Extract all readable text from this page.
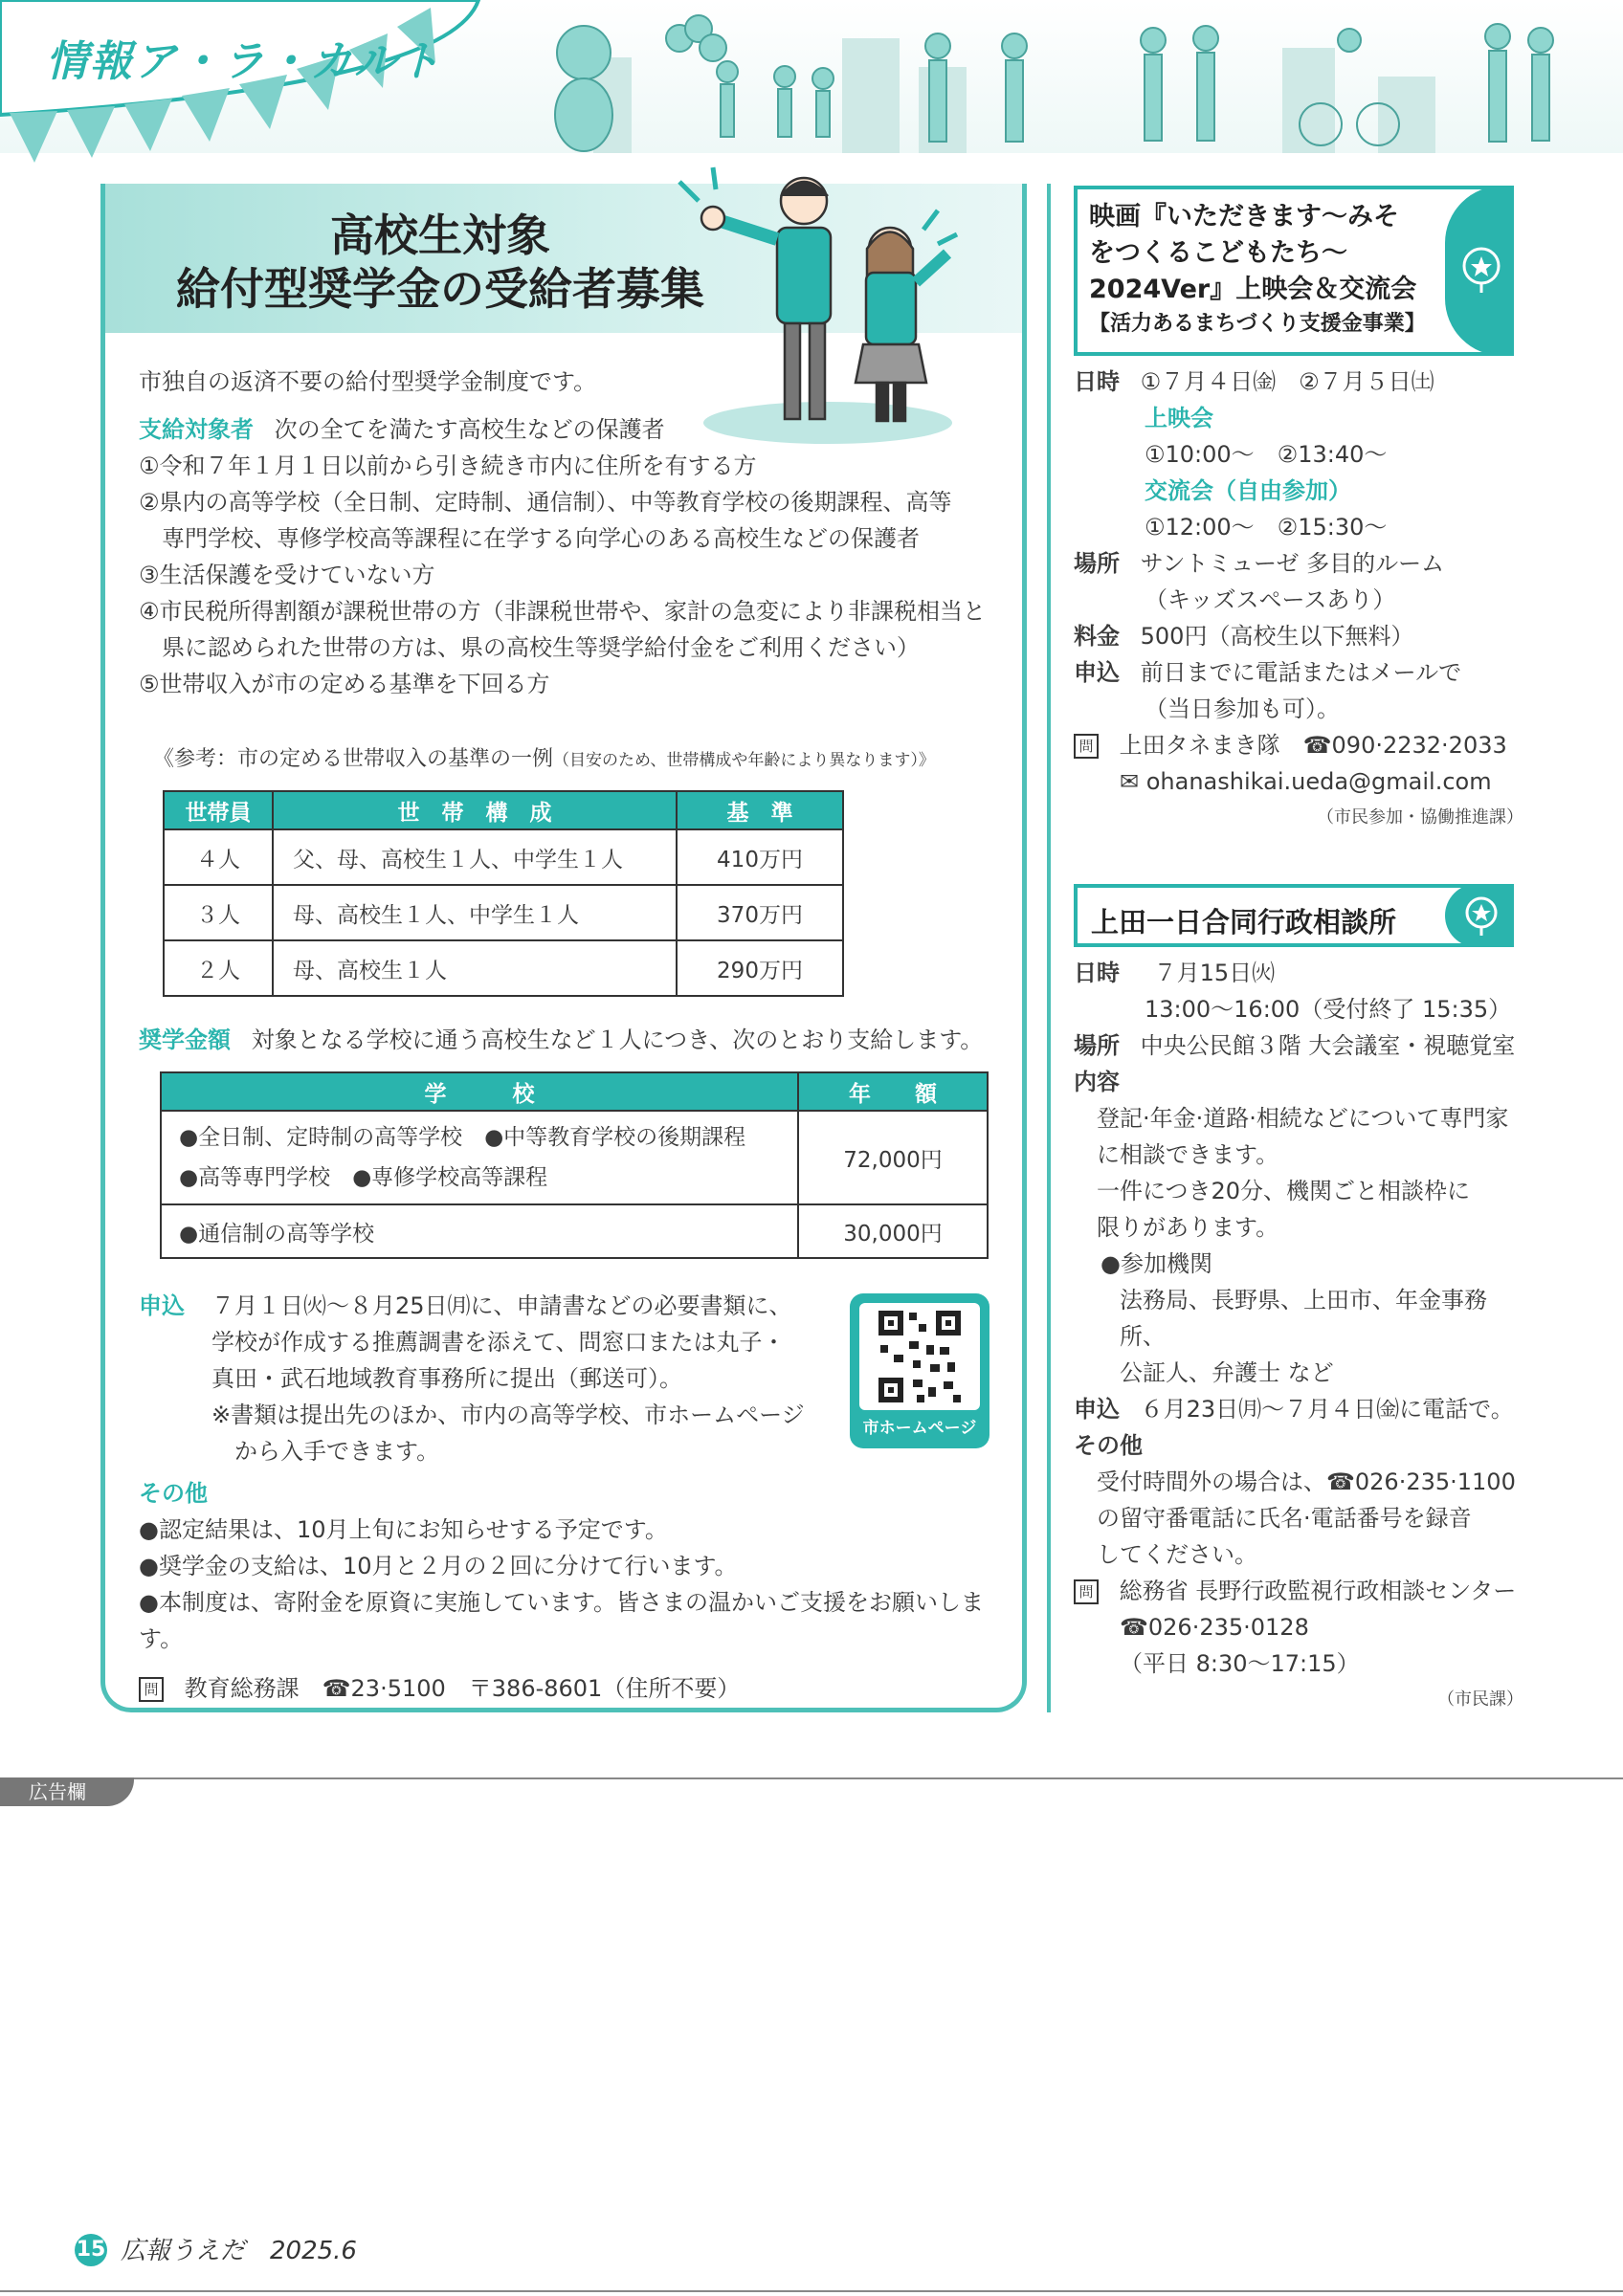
情報ア・ラ・カルト
高校生対象
給付型奨学金の受給者募集
市独自の返済不要の給付型奨学金制度です。
支給対象者 次の全てを満たす高校生などの保護者
①令和７年１月１日以前から引き続き市内に住所を有する方
②県内の高等学校（全日制、定時制、通信制）、中等教育学校の後期課程、高等
　専門学校、専修学校高等課程に在学する向学心のある高校生などの保護者
③生活保護を受けていない方
④市民税所得割額が課税世帯の方（非課税世帯や、家計の急変により非課税相当と
　県に認められた世帯の方は、県の高校生等奨学給付金をご利用ください）
⑤世帯収入が市の定める基準を下回る方
《参考：市の定める世帯収入の基準の一例（目安のため、世帯構成や年齢により異なります）》
世帯員	世　帯　構　成	基　準
４人	父、母、高校生１人、中学生１人	410万円
３人	母、高校生１人、中学生１人	370万円
２人	母、高校生１人	290万円
奨学金額 対象となる学校に通う高校生など１人につき、次のとおり支給します。
学　　　校	年　　額

●全日制、定時制の高等学校　●中等教育学校の後期課程
●高等専門学校　●専修学校高等課程	72,000円
●通信制の高等学校	30,000円
申込 ７月１日㈫～８月25日㈪に、申請書などの必要書類に、
学校が作成する推薦調書を添えて、問窓口または丸子・
真田・武石地域教育事務所に提出（郵送可）。
※書類は提出先のほか、市内の高等学校、市ホームページ
　から入手できます。
市ホームページ
その他
●認定結果は、10月上旬にお知らせする予定です。
●奨学金の支給は、10月と２月の２回に分けて行います。
●本制度は、寄附金を原資に実施しています。皆さまの温かいご支援をお願いします。
問 教育総務課　☎23·5100　〒386-8601（住所不要）
映画『いただきます～みそ
をつくるこどもたち～
2024Ver』上映会＆交流会
【活力あるまちづくり支援金事業】
日時 ①７月４日㈮　②７月５日㈯
上映会
①10:00～　②13:40～
交流会（自由参加）
①12:00～　②15:30～
場所 サントミューゼ 多目的ルーム
（キッズスペースあり）
料金 500円（高校生以下無料）
申込 前日までに電話またはメールで
（当日参加も可）。
問 上田タネまき隊　☎090·2232·2033
✉ ohanashikai.ueda@gmail.com
（市民参加・協働推進課）
上田一日合同行政相談所
日時 ７月15日㈫
13:00～16:00（受付終了 15:35）
場所 中央公民館３階 大会議室・視聴覚室
内容
登記·年金·道路·相続などについて専門家
に相談できます。
一件につき20分、機関ごと相談枠に
限りがあります。
●参加機関
法務局、長野県、上田市、年金事務所、
公証人、弁護士 など
申込 ６月23日㈪～７月４日㈮に電話で。
その他
受付時間外の場合は、☎026·235·1100
の留守番電話に氏名·電話番号を録音
してください。
問 総務省 長野行政監視行政相談センター
☎026·235·0128
（平日 8:30～17:15）
（市民課）
広告欄
15 広報うえだ　2025.6
